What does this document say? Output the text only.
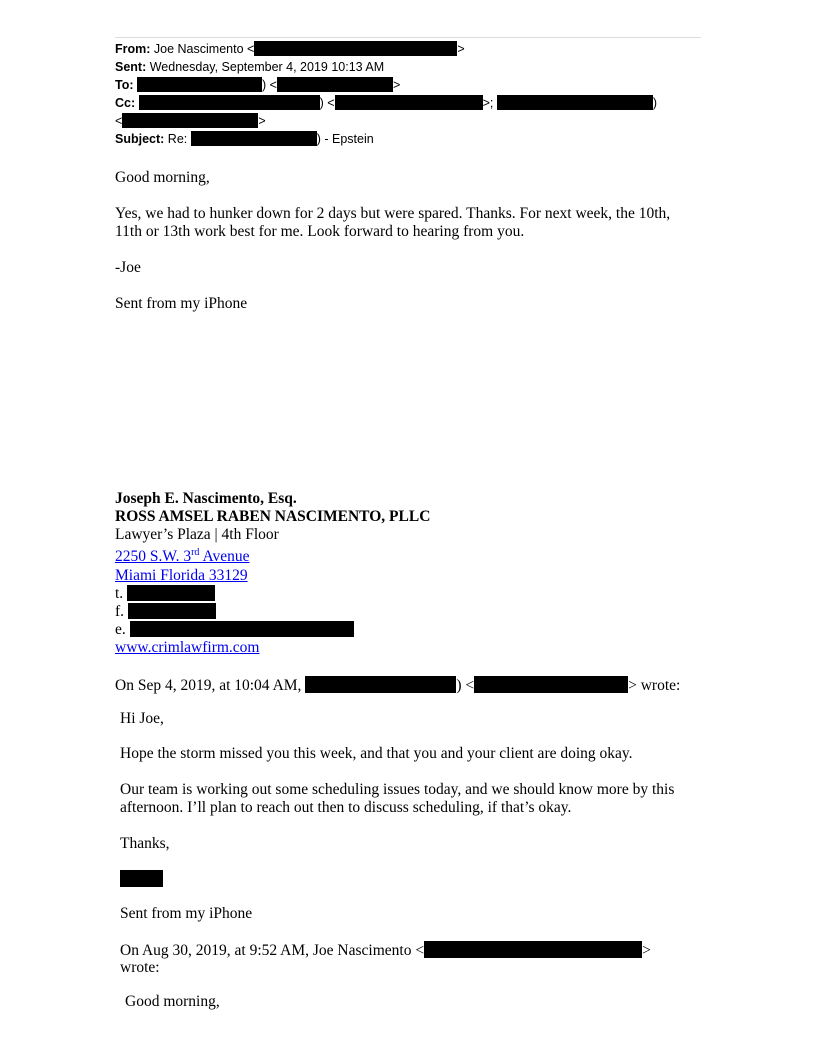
From: Joe Nascimento <	>
Sent: Wednesday, September 4, 2019 10:13 AM
To:	) <	>
Cc:	) <	>;	)
<	>
Subject: Re:	) - Epstein
Good morning,
Yes, we had to hunker down for 2 days but were spared. Thanks. For next week, the 10th,
11th or 13th work best for me. Look forward to hearing from you.
-Joe
Sent from my iPhone
Joseph E. Nascimento, Esq.
ROSS AMSEL RABEN NASCIMENTO, PLLC
Lawyer’s Plaza | 4th Floor
2250 S.W. 3rd Avenue
Miami Florida 33129
t.
f.
e.
www.crimlawfirm.com
On Sep 4, 2019, at 10:04 AM,	) <	> wrote:
Hi Joe,
Hope the storm missed you this week, and that you and your client are doing okay.
Our team is working out some scheduling issues today, and we should know more by this
afternoon. I’ll plan to reach out then to discuss scheduling, if that’s okay.
Thanks,
Sent from my iPhone
On Aug 30, 2019, at 9:52 AM, Joe Nascimento <	>
wrote:
Good morning,
